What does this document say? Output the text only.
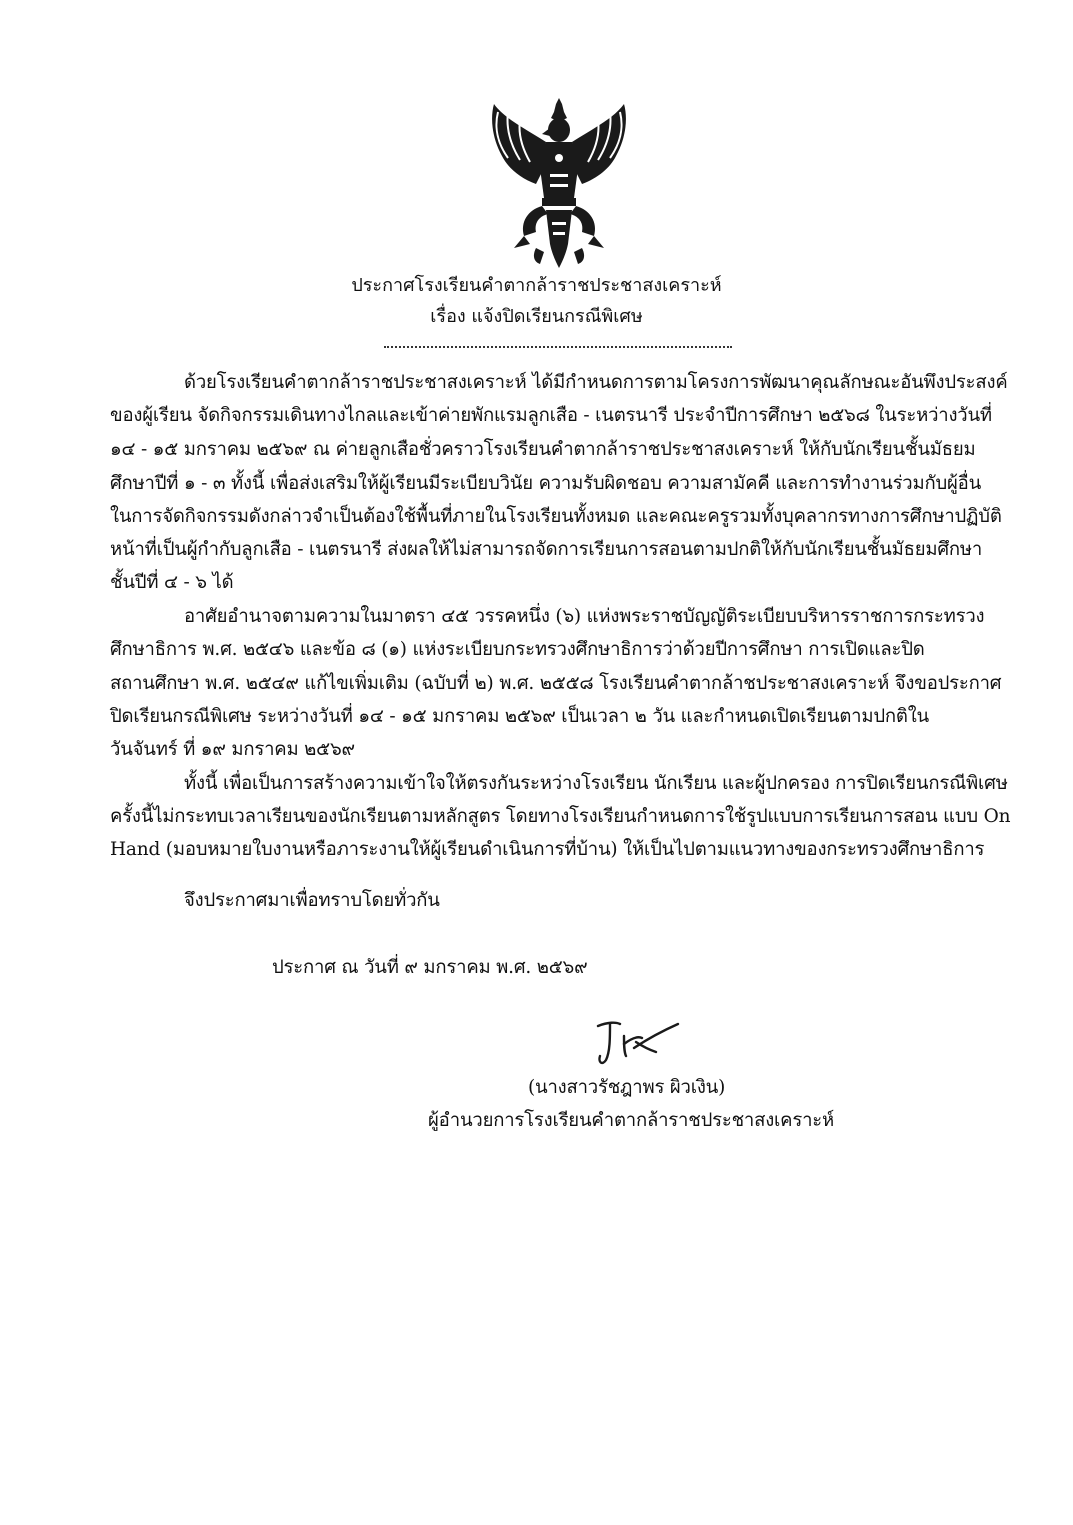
ประกาศโรงเรียนคำตากล้าราชประชาสงเคราะห์
เรื่อง แจ้งปิดเรียนกรณีพิเศษ
ด้วยโรงเรียนคำตากล้าราชประชาสงเคราะห์ ได้มีกำหนดการตามโครงการพัฒนาคุณลักษณะอันพึงประสงค์
ของผู้เรียน จัดกิจกรรมเดินทางไกลและเข้าค่ายพักแรมลูกเสือ - เนตรนารี ประจำปีการศึกษา ๒๕๖๘ ในระหว่างวันที่
๑๔ - ๑๕ มกราคม ๒๕๖๙ ณ ค่ายลูกเสือชั่วคราวโรงเรียนคำตากล้าราชประชาสงเคราะห์ ให้กับนักเรียนชั้นมัธยม
ศึกษาปีที่ ๑ - ๓ ทั้งนี้ เพื่อส่งเสริมให้ผู้เรียนมีระเบียบวินัย ความรับผิดชอบ ความสามัคคี และการทำงานร่วมกับผู้อื่น
ในการจัดกิจกรรมดังกล่าวจำเป็นต้องใช้พื้นที่ภายในโรงเรียนทั้งหมด และคณะครูรวมทั้งบุคลากรทางการศึกษาปฏิบัติ
หน้าที่เป็นผู้กำกับลูกเสือ - เนตรนารี ส่งผลให้ไม่สามารถจัดการเรียนการสอนตามปกติให้กับนักเรียนชั้นมัธยมศึกษา
ชั้นปีที่ ๔ - ๖ ได้
อาศัยอำนาจตามความในมาตรา ๔๕ วรรคหนึ่ง (๖) แห่งพระราชบัญญัติระเบียบบริหารราชการกระทรวง
ศึกษาธิการ พ.ศ. ๒๕๔๖ และข้อ ๘ (๑) แห่งระเบียบกระทรวงศึกษาธิการว่าด้วยปีการศึกษา การเปิดและปิด
สถานศึกษา พ.ศ. ๒๕๔๙ แก้ไขเพิ่มเติม (ฉบับที่ ๒) พ.ศ. ๒๕๕๘ โรงเรียนคำตากล้าชประชาสงเคราะห์ จึงขอประกาศ
ปิดเรียนกรณีพิเศษ ระหว่างวันที่ ๑๔ - ๑๕ มกราคม ๒๕๖๙ เป็นเวลา ๒ วัน และกำหนดเปิดเรียนตามปกติใน
วันจันทร์ ที่ ๑๙ มกราคม ๒๕๖๙
ทั้งนี้ เพื่อเป็นการสร้างความเข้าใจให้ตรงกันระหว่างโรงเรียน นักเรียน และผู้ปกครอง การปิดเรียนกรณีพิเศษ
ครั้งนี้ไม่กระทบเวลาเรียนของนักเรียนตามหลักสูตร โดยทางโรงเรียนกำหนดการใช้รูปแบบการเรียนการสอน แบบ On
Hand (มอบหมายใบงานหรือภาระงานให้ผู้เรียนดำเนินการที่บ้าน) ให้เป็นไปตามแนวทางของกระทรวงศึกษาธิการ
จึงประกาศมาเพื่อทราบโดยทั่วกัน
ประกาศ ณ วันที่ ๙ มกราคม พ.ศ. ๒๕๖๙
(นางสาวรัชฎาพร ผิวเงิน)
ผู้อำนวยการโรงเรียนคำตากล้าราชประชาสงเคราะห์
